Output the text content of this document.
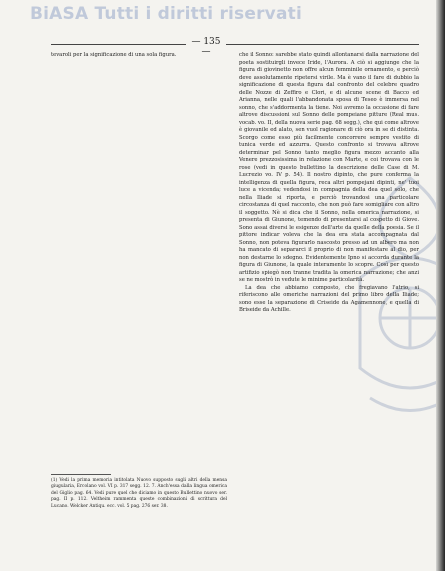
BiASA Tutti i diritti riservati
— 135 —

tevaroli per la significazione di una sola figura.	che il Sonno: sarebbe stato quindi allontanarsi dalla narrazione del poeta sostituirgli invece Iride, l'Aurora. A ciò si aggiunge che la figura di giovinetto non offre alcun femminile ornamento, e perciò deve assolutamente ripetersi virile. Ma è vano il fare di dubbio la significazione di questa figura dal confronto del celebre quadro delle Nozze di Zeffiro e Clori, e di alcune scene di Bacco ed Arianna, nelle quali l'abbandonata sposa di Teseo è immersa nel sonno, che s'addormenta la tiene. Noi avremo la occasione di fare altrove discussioni sul Sonno delle pompeiane pitture (Real mus. vocab. vo. II, della nuova serie pag. 68 segg.), che qui come altrove è giovanile ed alato, sen vuol ragionare di ciò ora in se di distinta. Scorgo come esso più facilmente concorrere sempre vestito di tunica verde ed azzurra. Questo confronto si trovava altrove determinar pel Sonno tanto meglio figura mezzo accanto alla Venere prezzosissima in relazione con Marte, e coi trovava con le rose (vedi in questo bullettino la descrizione delle Case di M. Lucrezio vo. IV p. 54). Il nostro dipinto, che pure conferma la intelligenza di quella figura, reca altri pompejani dipinti, ne' tuoi luce a vicenda; vedendosi in compagnia della dea quel solo, che nella Iliade si riporta, e perciò trovandosi una particolare circostanza di quel racconto, che non può fare somigliare con altro il soggetto. Nè si dica che il Sonno, nella omerica narrazione, si presenta di Giunone, temendo di presentarsi al cospetto di Giove. Sono assai diversi le esigenze dell'arte da quelle della poesia. Se il pittore indicar voleva che la dea era stata accompagnata dal Sonno, non poteva figurarlo nascosto presso ad un albero ma non ha mancato di separarci il proprio di non manifestare al dio, per non destarne lo sdegno. Evidentemente Ipno si accorda durante la figura di Giunone, la quale interamente lo scopre. Così per questo artifizio spiegò non tranne tradita la omerica narrazione; che anzi se ne mostrò in vedute le minime particolarità.

La dea che abbiamo composto, che fregiavano l'atrio, si riferiscono alle omeriche narrazioni del primo libro della Iliade; sono esse la separazione di Criseide da Agamennone, e quella di Briseide da Achille.

(1) Vedi la prima memoria intitolata Nuovo supposto sugli altri della mensa giugularia, Ercolano vol. VI p. 317 segg. 12. 7. Anch'essa dalla lingua omerica del Giglio pag. 64. Vedi pure quel che diciamo in questo Bullettino nuovo ser. pag. II p. 112. Veltheim rammenta queste combinazioni di scrittura del Lucano. Welcker Antiqu. ecc. vol. 5 pag. 276 ser. 38.
